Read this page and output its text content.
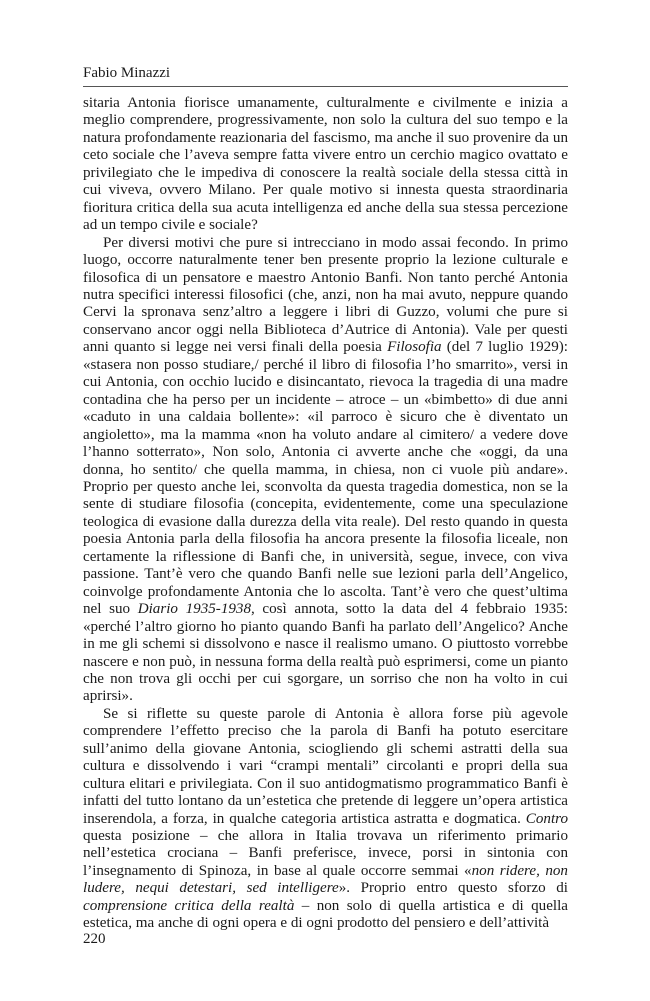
Fabio Minazzi

sitaria Antonia fiorisce umanamente, culturalmente e civilmente e inizia a meglio comprendere, progressivamente, non solo la cultura del suo tempo e la natura profondamente reazionaria del fascismo, ma anche il suo provenire da un ceto sociale che l’aveva sempre fatta vivere entro un cerchio magico ovattato e privilegiato che le impediva di conoscere la realtà sociale della stessa città in cui viveva, ovvero Milano. Per quale motivo si innesta questa straordinaria fioritura critica della sua acuta intelligenza ed anche della sua stessa percezione ad un tempo civile e sociale?

Per diversi motivi che pure si intrecciano in modo assai fecondo. In primo luogo, occorre naturalmente tener ben presente proprio la lezione culturale e filosofica di un pensatore e maestro Antonio Banfi. Non tanto perché Antonia nutra specifici interessi filosofici (che, anzi, non ha mai avuto, neppure quando Cervi la spronava senz’altro a leggere i libri di Guzzo, volumi che pure si conservano ancor oggi nella Biblioteca d’Autrice di Antonia). Vale per questi anni quanto si legge nei versi finali della poesia Filosofia (del 7 luglio 1929): «stasera non posso studiare,/ perché il libro di filosofia l’ho smarrito», versi in cui Antonia, con occhio lucido e disincantato, rievoca la tragedia di una madre contadina che ha perso per un incidente – atroce – un «bimbetto» di due anni «caduto in una caldaia bollente»: «il parroco è sicuro che è diventato un angioletto», ma la mamma «non ha voluto andare al cimitero/ a vedere dove l’hanno sotterrato», Non solo, Antonia ci avverte anche che «oggi, da una donna, ho sentito/ che quella mamma, in chiesa, non ci vuole più andare». Proprio per questo anche lei, sconvolta da questa tragedia domestica, non se la sente di studiare filosofia (concepita, evidentemente, come una speculazione teologica di evasione dalla durezza della vita reale). Del resto quando in questa poesia Antonia parla della filosofia ha ancora presente la filosofia liceale, non certamente la riflessione di Banfi che, in università, segue, invece, con viva passione. Tant’è vero che quando Banfi nelle sue lezioni parla dell’Angelico, coinvolge profondamente Antonia che lo ascolta. Tant’è vero che quest’ultima nel suo Diario 1935-1938, così annota, sotto la data del 4 febbraio 1935: «perché l’altro giorno ho pianto quando Banfi ha parlato dell’Angelico? Anche in me gli schemi si dissolvono e nasce il realismo umano. O piuttosto vorrebbe nascere e non può, in nessuna forma della realtà può esprimersi, come un pianto che non trova gli occhi per cui sgorgare, un sorriso che non ha volto in cui aprirsi».

Se si riflette su queste parole di Antonia è allora forse più agevole comprendere l’effetto preciso che la parola di Banfi ha potuto esercitare sull’animo della giovane Antonia, sciogliendo gli schemi astratti della sua cultura e dissolvendo i vari “crampi mentali” circolanti e propri della sua cultura elitari e privilegiata. Con il suo antidogmatismo programmatico Banfi è infatti del tutto lontano da un’estetica che pretende di leggere un’opera artistica inserendola, a forza, in qualche categoria artistica astratta e dogmatica. Contro questa posizione – che allora in Italia trovava un riferimento primario nell’estetica crociana – Banfi preferisce, invece, porsi in sintonia con l’insegnamento di Spinoza, in base al quale occorre semmai «non ridere, non ludere, nequi detestari, sed intelligere». Proprio entro questo sforzo di comprensione critica della realtà – non solo di quella artistica e di quella estetica, ma anche di ogni opera e di ogni prodotto del pensiero e dell’attività

220
